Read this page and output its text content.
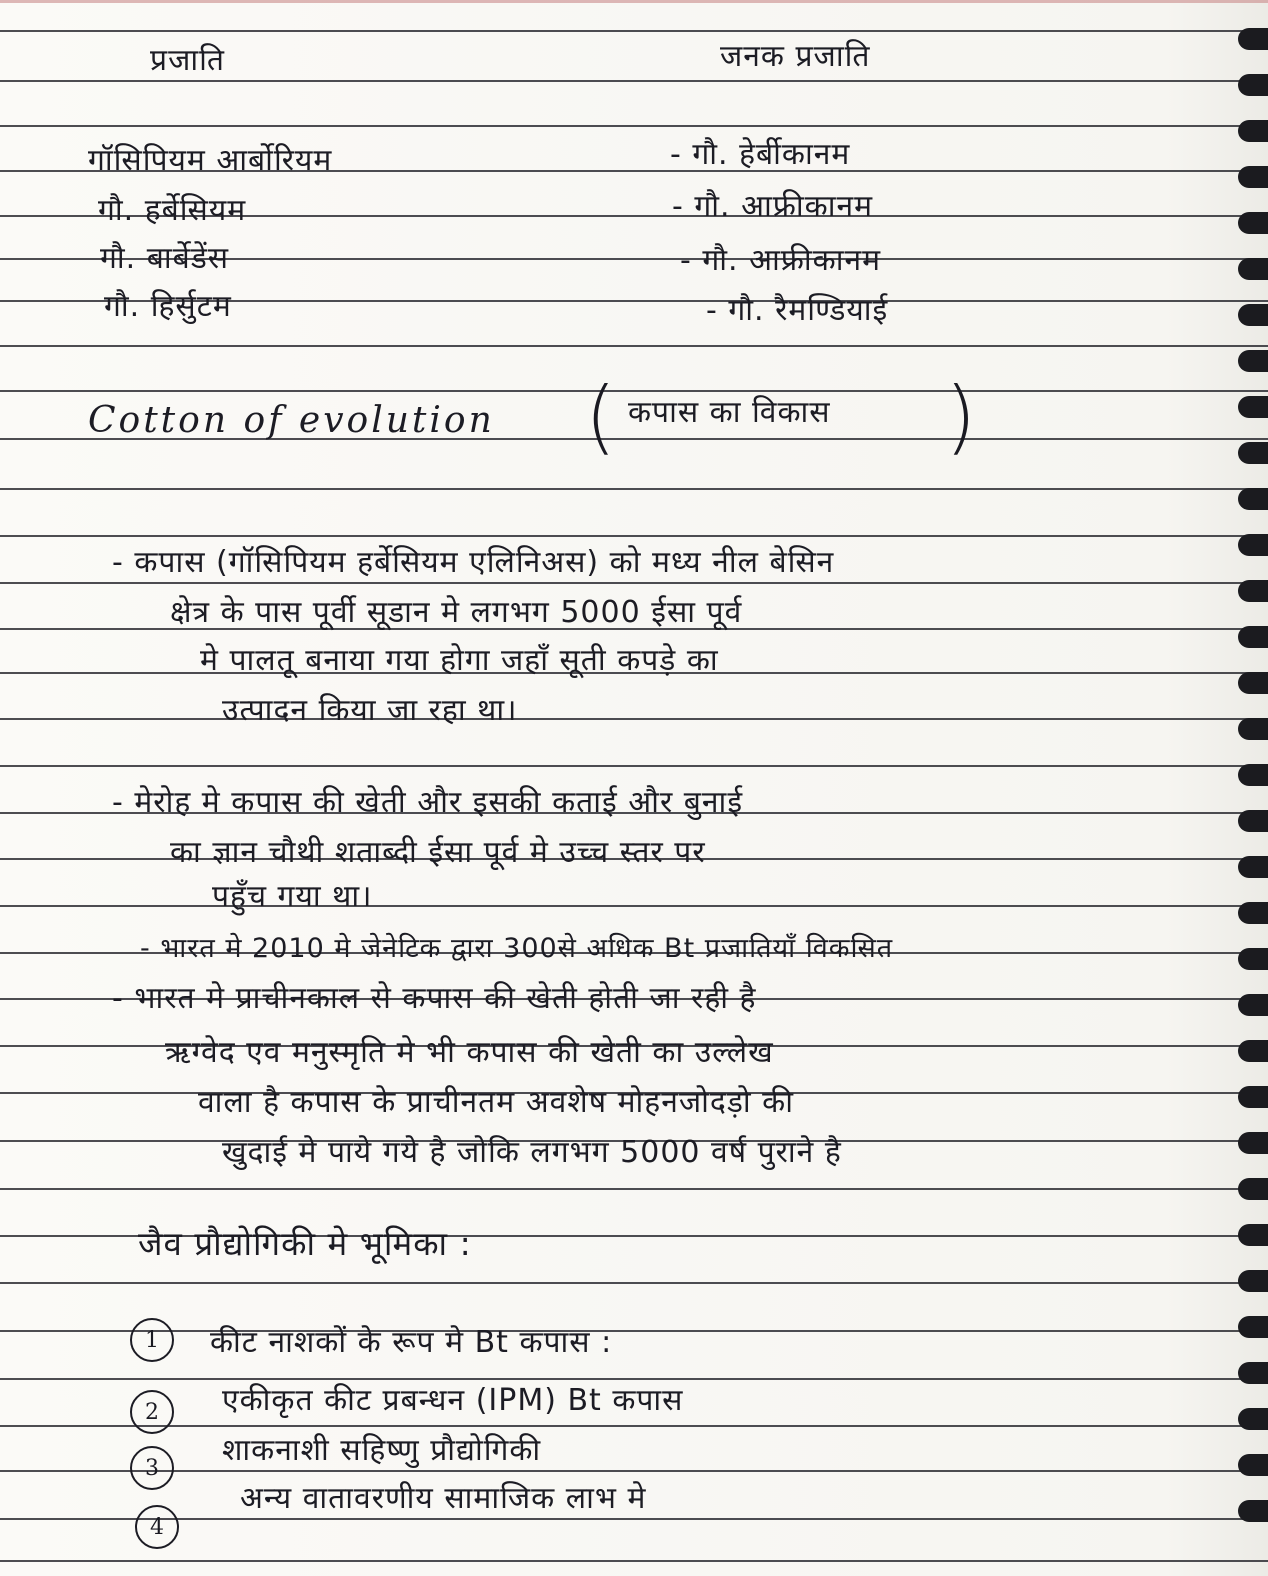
प्रजाति	जनक प्रजाति
गॉसिपियम आर्बोरियम	- गौ. हेर्बीकानम
गौ. हर्बेसियम	- गौ. आफ्रीकानम
गौ. बार्बेडेंस	- गौ. आफ्रीकानम
गौ. हिर्सुटम	- गौ. रैमण्डियाई
Cotton of evolution ( कपास का विकास )
- कपास (गॉसिपियम हर्बेसियम एलिनिअस) को मध्य नील बेसिन
क्षेत्र के पास पूर्वी सूडान मे लगभग 5000 ईसा पूर्व
मे पालतू बनाया गया होगा जहाँ सूती कपड़े का
उत्पादन किया जा रहा था।
- मेरोह मे कपास की खेती और इसकी कताई और बुनाई
का ज्ञान चौथी शताब्दी ईसा पूर्व मे उच्च स्तर पर
पहुँच गया था।
- भारत मे 2010 मे जेनेटिक द्वारा 300से अधिक Bt प्रजातियाँ विकसित
- भारत मे प्राचीनकाल से कपास की खेती होती जा रही है
ऋग्वेद एव मनुस्मृति मे भी कपास की खेती का उल्लेख
वाला है कपास के प्राचीनतम अवशेष मोहनजोदड़ो की
खुदाई मे पाये गये है जोकि लगभग 5000 वर्ष पुराने है
जैव प्रौद्योगिकी मे भूमिका :
1	कीट नाशकों के रूप मे Bt कपास :
2	एकीकृत कीट प्रबन्धन (IPM) Bt कपास
3	शाकनाशी सहिष्णु प्रौद्योगिकी
4
अन्य वातावरणीय सामाजिक लाभ मे
